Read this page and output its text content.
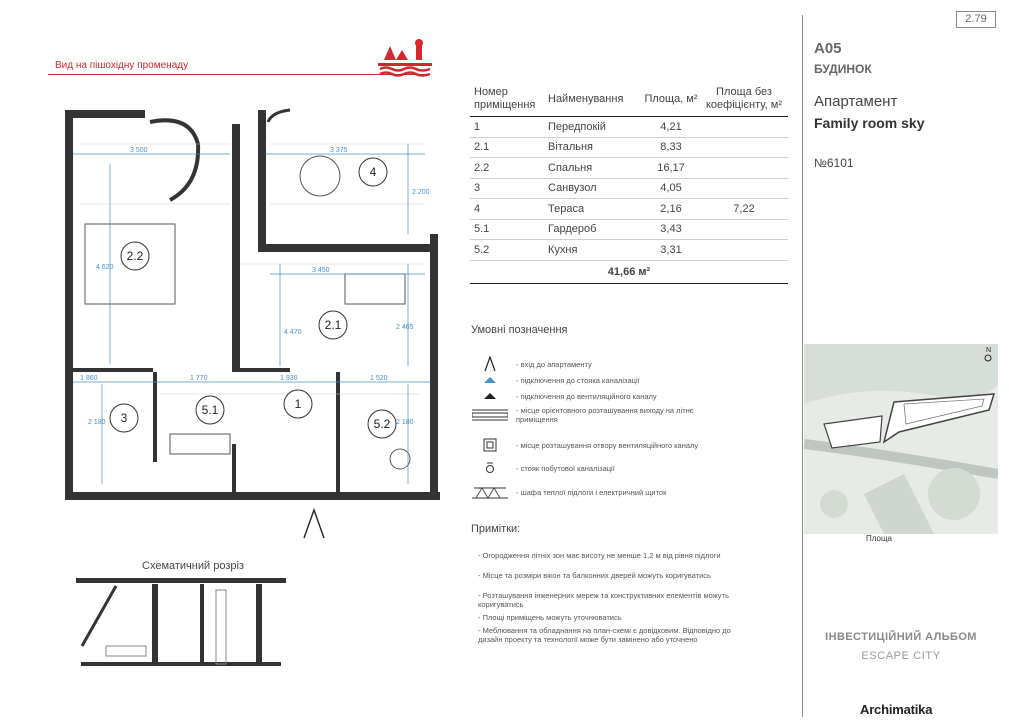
Вид на пішохідну променаду
3 500	3 375
2 200
3 450
4 620
4 470
2 465
1 860	1 770	1 930	1 520
2 180	2 180
2.2
4
2.1
3
5.1	1
5.2
Схематичний розріз
Номер приміщення	Найменування	Площа, м²	Площа без коефіцієнту, м²
1	Передпокій	4,21	
2.1	Вітальня	8,33	
2.2	Спальня	16,17	
3	Санвузол	4,05	
4	Тераса	2,16	7,22
5.1	Гардероб	3,43	
5.2	Кухня	3,31	
41,66 м²			
Умовні позначення
- вхід до апартаменту
- підключення до стояка каналізації
- підключення до вентиляційного каналу
- місце орієнтовного розташування виходу на літнє приміщення
- місце розташування отвору вентиляційного каналу
- стояк побутової каналізації
- шафа теплої підлоги і електричний щиток
Примітки:
- Огородження літніх зон має висоту не менше 1,2 м від рівня підлоги
- Місце та розміри вікон та балконних дверей можуть коригуватись
- Розташування інженерних мереж та конструктивних елементів можуть коригуватись
- Площі приміщень можуть уточнюватись
- Меблювання та обладнання на план-схемі є довідковим. Відповідно до дизайн проекту та технології може бути замінено або уточнено
2.79
A05
БУДИНОК
Апартамент
Family room sky
№6101
N
Площа
ІНВЕСТИЦІЙНИЙ АЛЬБОМ
ESCAPE CITY
Archimatika
